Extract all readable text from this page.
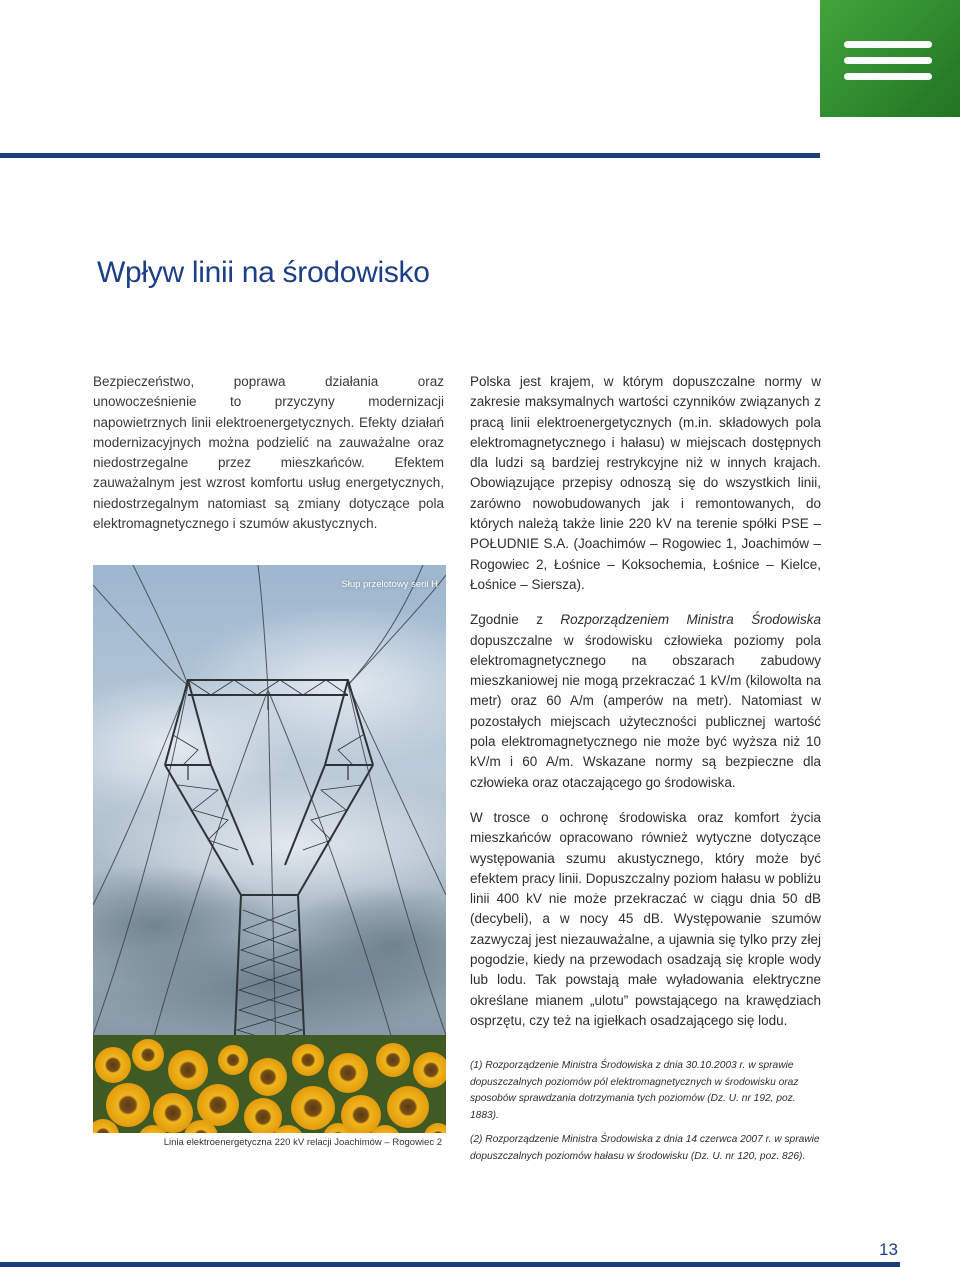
Wpływ linii na środowisko

Bezpieczeństwo, poprawa działania oraz unowocześnienie to przyczyny modernizacji napowietrznych linii elektroenergetycznych. Efekty działań modernizacyjnych można podzielić na zauważalne oraz niedostrzegalne przez mieszkańców. Efektem zauważalnym jest wzrost komfortu usług energetycznych, niedostrzegalnym natomiast są zmiany dotyczące pola elektromagnetycznego i szumów akustycznych.

Słup przelotowy serii H
Linia elektroenergetyczna 220 kV relacji Joachimów – Rogowiec 2

Polska jest krajem, w którym dopuszczalne normy w zakresie maksymalnych wartości czynników związanych z pracą linii elektroenergetycznych (m.in. składowych pola elektromagnetycznego i hałasu) w miejscach dostępnych dla ludzi są bardziej restrykcyjne niż w innych krajach. Obowiązujące przepisy odnoszą się do wszystkich linii, zarówno nowobudowanych jak i remontowanych, do których należą także linie 220 kV na terenie spółki PSE – POŁUDNIE S.A. (Joachimów – Rogowiec 1, Joachimów – Rogowiec 2, Łośnice – Koksochemia, Łośnice – Kielce, Łośnice – Siersza).

Zgodnie z Rozporządzeniem Ministra Środowiska dopuszczalne w środowisku człowieka poziomy pola elektromagnetycznego na obszarach zabudowy mieszkaniowej nie mogą przekraczać 1 kV/m (kilowolta na metr) oraz 60 A/m (amperów na metr). Natomiast w pozostałych miejscach użyteczności publicznej wartość pola elektromagnetycznego nie może być wyższa niż 10 kV/m i 60 A/m. Wskazane normy są bezpieczne dla człowieka oraz otaczającego go środowiska.

W trosce o ochronę środowiska oraz komfort życia mieszkańców opracowano również wytyczne dotyczące występowania szumu akustycznego, który może być efektem pracy linii. Dopuszczalny poziom hałasu w pobliżu linii 400 kV nie może przekraczać w ciągu dnia 50 dB (decybeli), a w nocy 45 dB. Występowanie szumów zazwyczaj jest niezauważalne, a ujawnia się tylko przy złej pogodzie, kiedy na przewodach osadzają się krople wody lub lodu. Tak powstają małe wyładowania elektryczne określane mianem „ulotu” powstającego na krawędziach osprzętu, czy też na igiełkach osadzającego się lodu.

(1) Rozporządzenie Ministra Środowiska z dnia 30.10.2003 r. w sprawie dopuszczalnych poziomów pól elektromagnetycznych w środowisku oraz sposobów sprawdzania dotrzymania tych poziomów (Dz. U. nr 192, poz. 1883).

(2) Rozporządzenie Ministra Środowiska z dnia 14 czerwca 2007 r. w sprawie dopuszczalnych poziomów hałasu w środowisku (Dz. U. nr 120, poz. 826).

13
